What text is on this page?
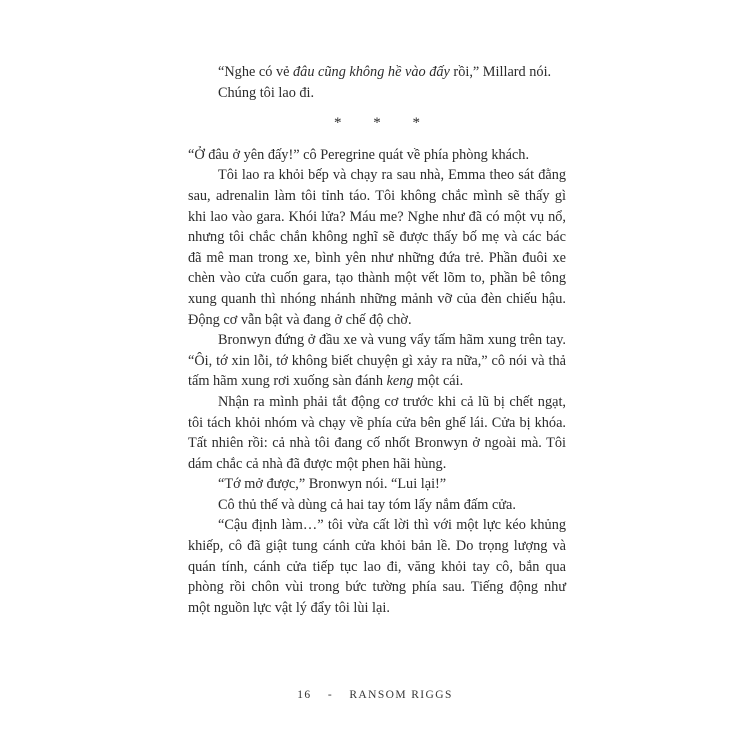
“Nghe có vẻ đâu cũng không hề vào đấy rồi,” Millard nói.

Chúng tôi lao đi.

* * *

“Ở đâu ở yên đấy!” cô Peregrine quát về phía phòng khách.

Tôi lao ra khỏi bếp và chạy ra sau nhà, Emma theo sát đằng sau, adrenalin làm tôi tỉnh táo. Tôi không chắc mình sẽ thấy gì khi lao vào gara. Khói lửa? Máu me? Nghe như đã có một vụ nổ, nhưng tôi chắc chắn không nghĩ sẽ được thấy bố mẹ và các bác đã mê man trong xe, bình yên như những đứa trẻ. Phần đuôi xe chèn vào cửa cuốn gara, tạo thành một vết lõm to, phần bê tông xung quanh thì nhóng nhánh những mảnh vỡ của đèn chiếu hậu. Động cơ vẫn bật và đang ở chế độ chờ.

Bronwyn đứng ở đầu xe và vung vẩy tấm hãm xung trên tay. “Ôi, tớ xin lỗi, tớ không biết chuyện gì xảy ra nữa,” cô nói và thả tấm hãm xung rơi xuống sàn đánh keng một cái.

Nhận ra mình phải tắt động cơ trước khi cả lũ bị chết ngạt, tôi tách khỏi nhóm và chạy về phía cửa bên ghế lái. Cửa bị khóa. Tất nhiên rồi: cả nhà tôi đang cố nhốt Bronwyn ở ngoài mà. Tôi dám chắc cả nhà đã được một phen hãi hùng.

“Tớ mở được,” Bronwyn nói. “Lui lại!”

Cô thủ thế và dùng cả hai tay tóm lấy nắm đấm cửa.

“Cậu định làm…” tôi vừa cất lời thì với một lực kéo khủng khiếp, cô đã giật tung cánh cửa khỏi bản lề. Do trọng lượng và quán tính, cánh cửa tiếp tục lao đi, văng khỏi tay cô, bắn qua phòng rồi chôn vùi trong bức tường phía sau. Tiếng động như một nguồn lực vật lý đẩy tôi lùi lại.

16 - RANSOM RIGGS
